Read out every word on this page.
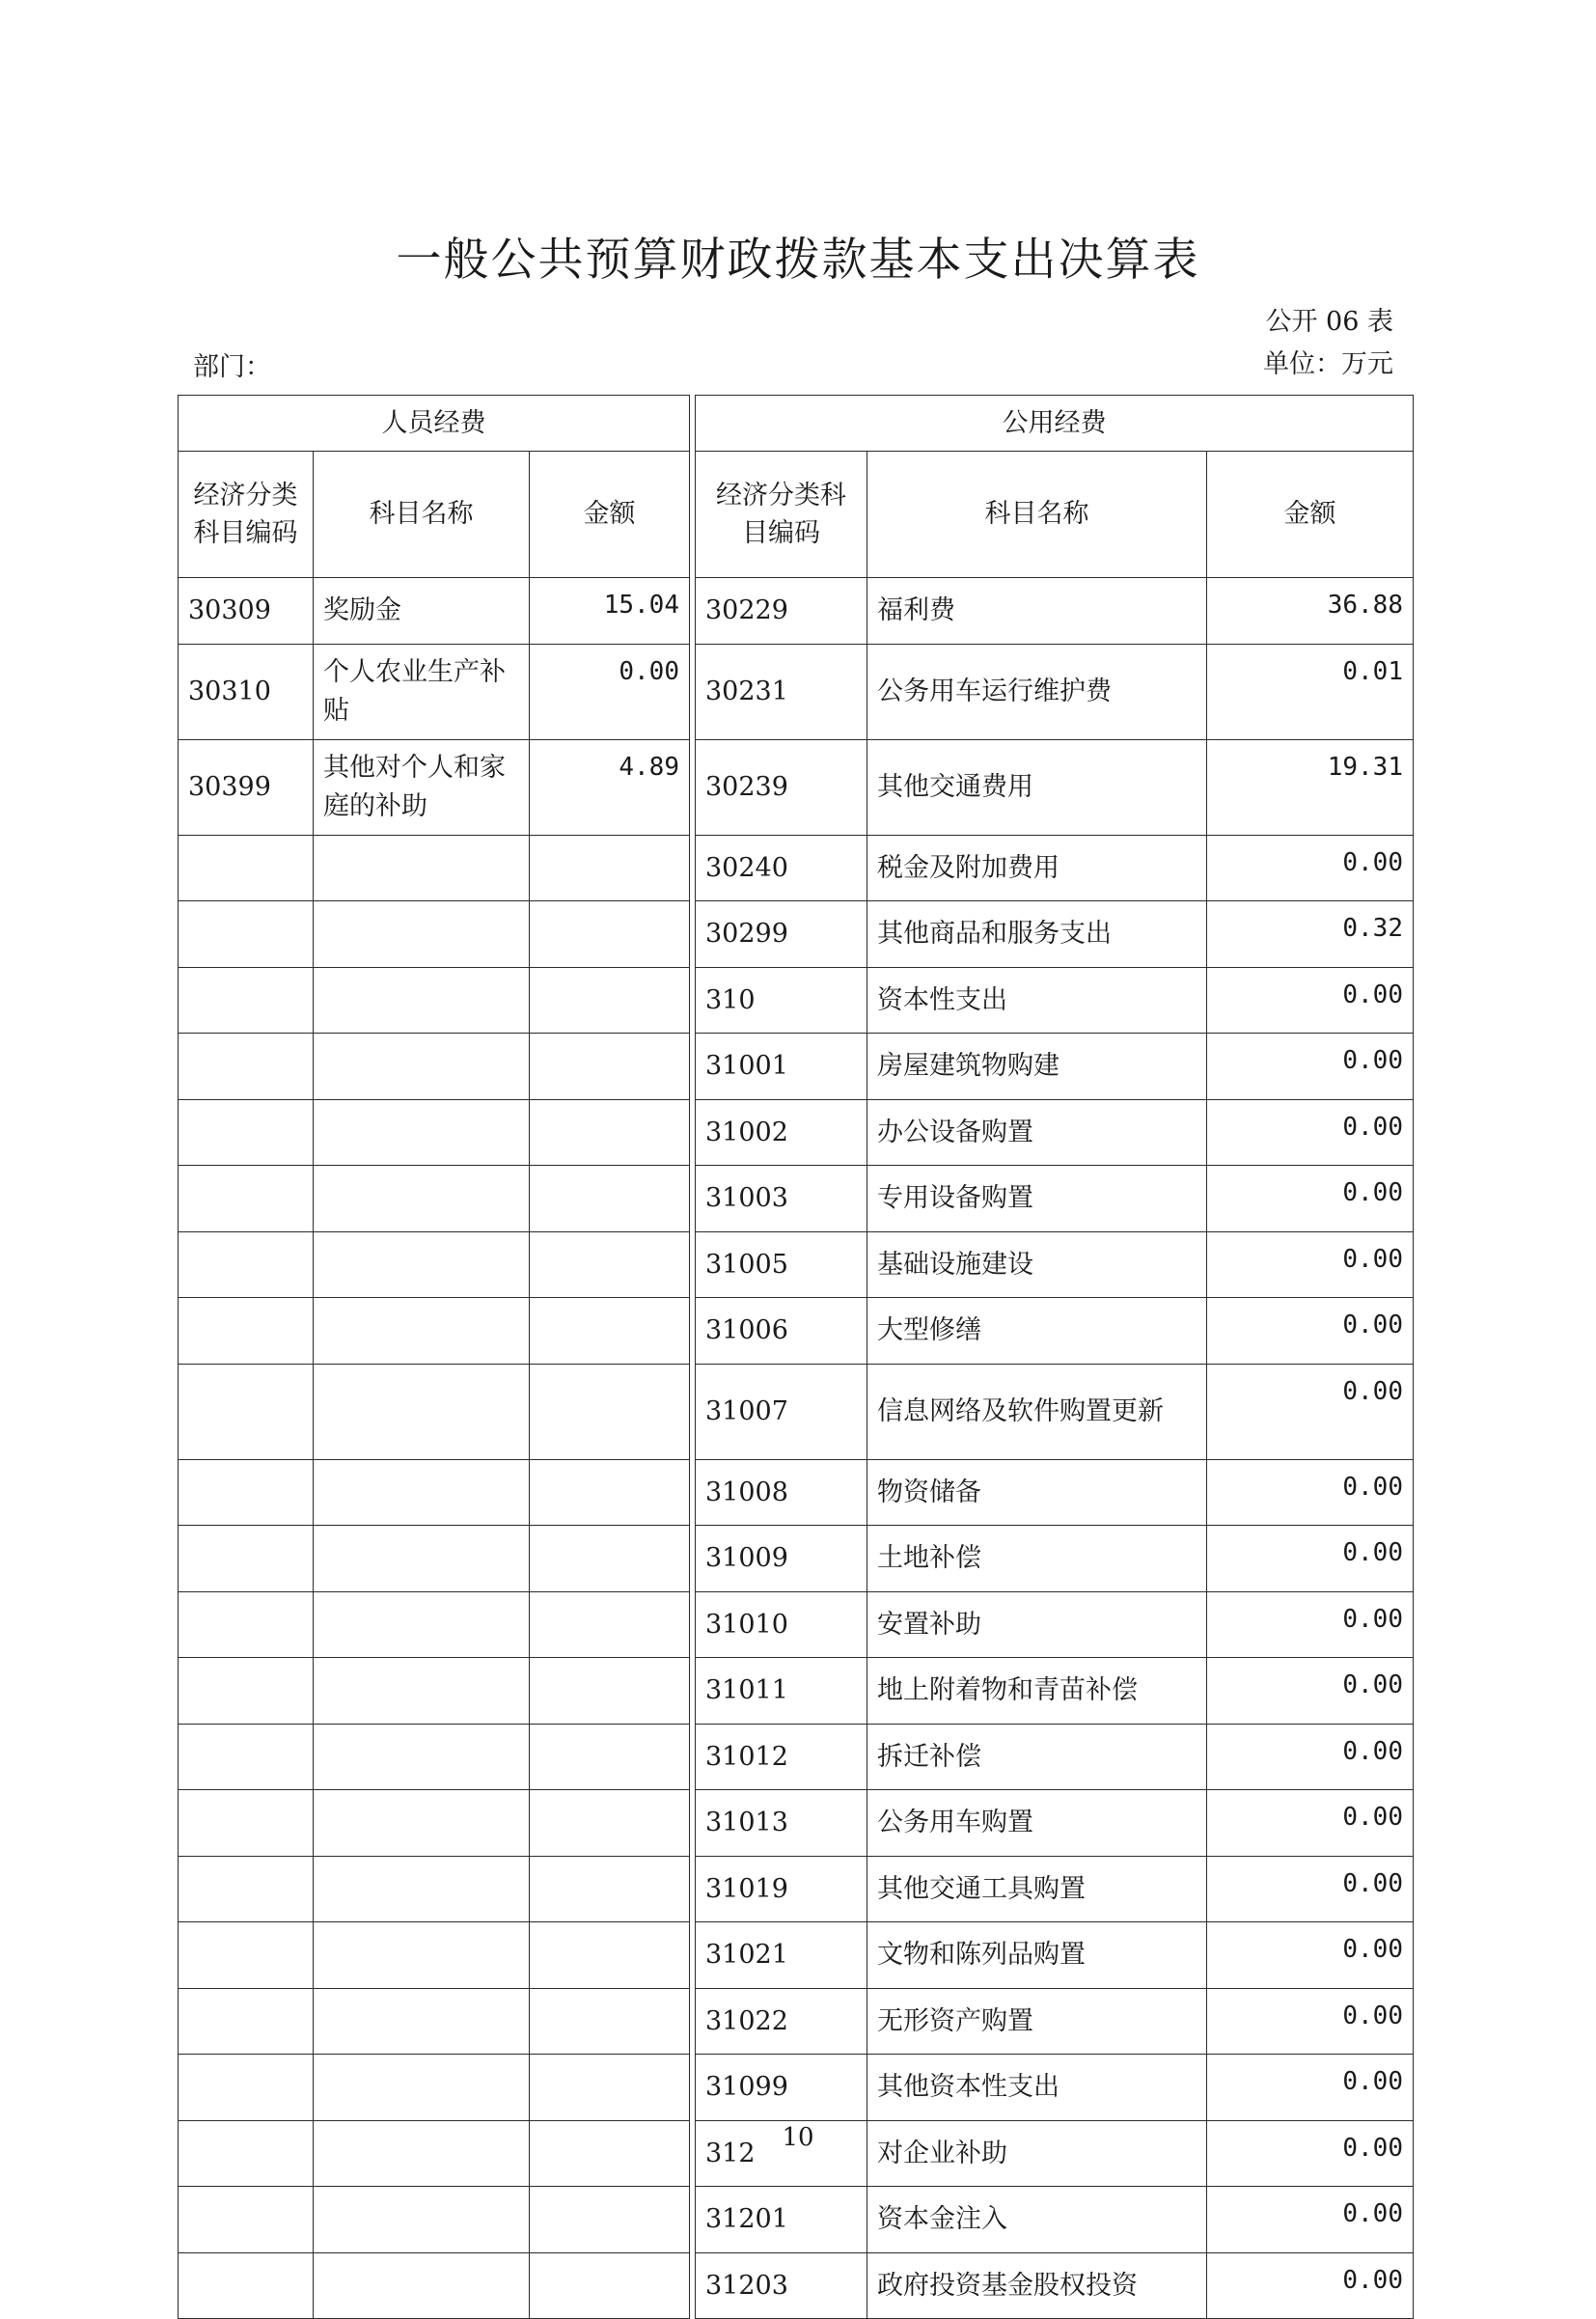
一般公共预算财政拨款基本支出决算表
公开 06 表
部门：	单位：万元
人员经费				公用经费		
经济分类科目编码	科目名称	金额		经济分类科目编码	科目名称	金额
30309	奖励金	15.04		30229	福利费	36.88
30310	个人农业生产补贴	0.00		30231	公务用车运行维护费	0.01
30399	其他对个人和家庭的补助	4.89		30239	其他交通费用	19.31
				30240	税金及附加费用	0.00
				30299	其他商品和服务支出	0.32
				310	资本性支出	0.00
				31001	房屋建筑物购建	0.00
				31002	办公设备购置	0.00
				31003	专用设备购置	0.00
				31005	基础设施建设	0.00
				31006	大型修缮	0.00
				31007	信息网络及软件购置更新	0.00
				31008	物资储备	0.00
				31009	土地补偿	0.00
				31010	安置补助	0.00
				31011	地上附着物和青苗补偿	0.00
				31012	拆迁补偿	0.00
				31013	公务用车购置	0.00
				31019	其他交通工具购置	0.00
				31021	文物和陈列品购置	0.00
				31022	无形资产购置	0.00
				31099	其他资本性支出	0.00
				312	对企业补助	0.00
				31201	资本金注入	0.00
				31203	政府投资基金股权投资	0.00
10
